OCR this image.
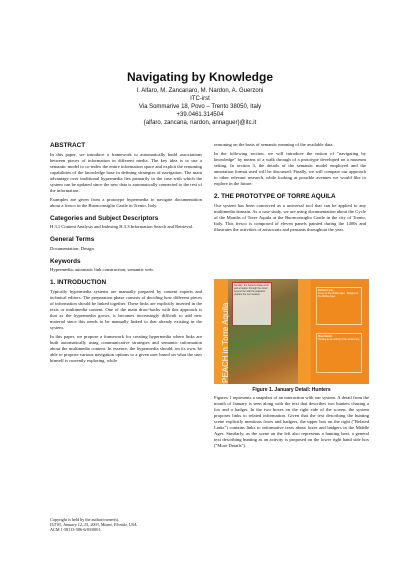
Navigating by Knowledge
I. Alfaro, M. Zancanaro, M. Nardon, A. Guerzoni
ITC-irst
Via Sommarive 18, Povo – Trento 38050, Italy
+39.0461.314504
{alfaro, zancana, nardon, annaguer}@itc.it
ABSTRACT

In this paper, we introduce a framework to automatically build associations between pieces of information in different media. The key idea is to use a semantic model to co-index the entire information space and exploit the reasoning capabilities of the knowledge base in defining strategies of navigation. The main advantage over traditional hypermedia lies primarily in the case with which the system can be updated since the new data is automatically connected to the rest of the information.

Examples are given from a prototype hypermedia to navigate documentation about a fresco in the Buonconsiglio Castle in Trento, Italy.

Categories and Subject Descriptors

H.3.1 Content Analysis and Indexing H.3.3 Information Search and Retrieval.

General Terms

Documentation; Design.

Keywords

Hypermedia, automatic link construction, semantic web.

1. INTRODUCTION

Typically hypermedia systems are manually prepared by content experts and technical editors. The preparation phase consists of deciding how different pieces of information should be linked together. These links are explicitly inserted in the texts or multimedia content. One of the main draw-backs with this approach is that as the hypermedia grows, it becomes increasingly difficult to add new material since this needs to be manually linked to that already existing in the system.

In this paper, we propose a framework for creating hypermedia where links are built automatically using communicative strategies and semantic information about the multimedia content. In essence, the hypermedia should, on its own, be able to propose various navigation options to a given user based on what the user himself is currently exploring, while

Copyright is held by the author/owner(s).
IUI'03, January 12–15, 2003, Miami, Florida, USA.
ACM 1-58113-586-6/03/0001.

reasoning on the basis of semantic meaning of the available data.

In the following section, we will introduce the notion of "navigating by knowledge" by means of a walk through of a prototype developed on a museum setting. In section 3, the details of the semantic model employed and the annotation format used will be discussed. Finally, we will compare our approach to other relevant research, while looking at possible avenues we would like to explore in the future.

2. THE PROTOTYPE OF TORRE AQUILA

Our system has been conceived as a universal tool that can be applied to any multimedia domain. As a case study, we are using documentation about the Cycle of the Months of Torre Aquila at the Buonconsiglio Castle in the city of Trento, Italy. This fresco is composed of eleven panels painted during the 1400s and illustrates the activities of aristocrats and peasants throughout the year.

January: the hunters chase a fox and a badger through the snow; beyond the wall the peasants prepare the next season.
PEACH in Torre Aquila
Related Links
Foxes in the Middle Ages · Badgers in the Middle Ages
More Details
Hunting as an activity of the aristocracy
Figure 1. January Detail: Hunters

Figures 1 represents a snapshot of an interaction with our system. A detail from the month of January is seen along with the text that describes two hunters chasing a fox and a badger. In the two boxes on the right side of the screen, the system proposes links to related information. Given that the text describing the hunting scene explicitly mentions foxes and badgers, the upper box on the right ("Related Links") contains links to informative texts about foxes and badgers in the Middle Ages. Similarly, as the scene on the left also represents a hunting beat, a general text describing hunting as an activity is proposed on the lower right hand side box ("More Details").
